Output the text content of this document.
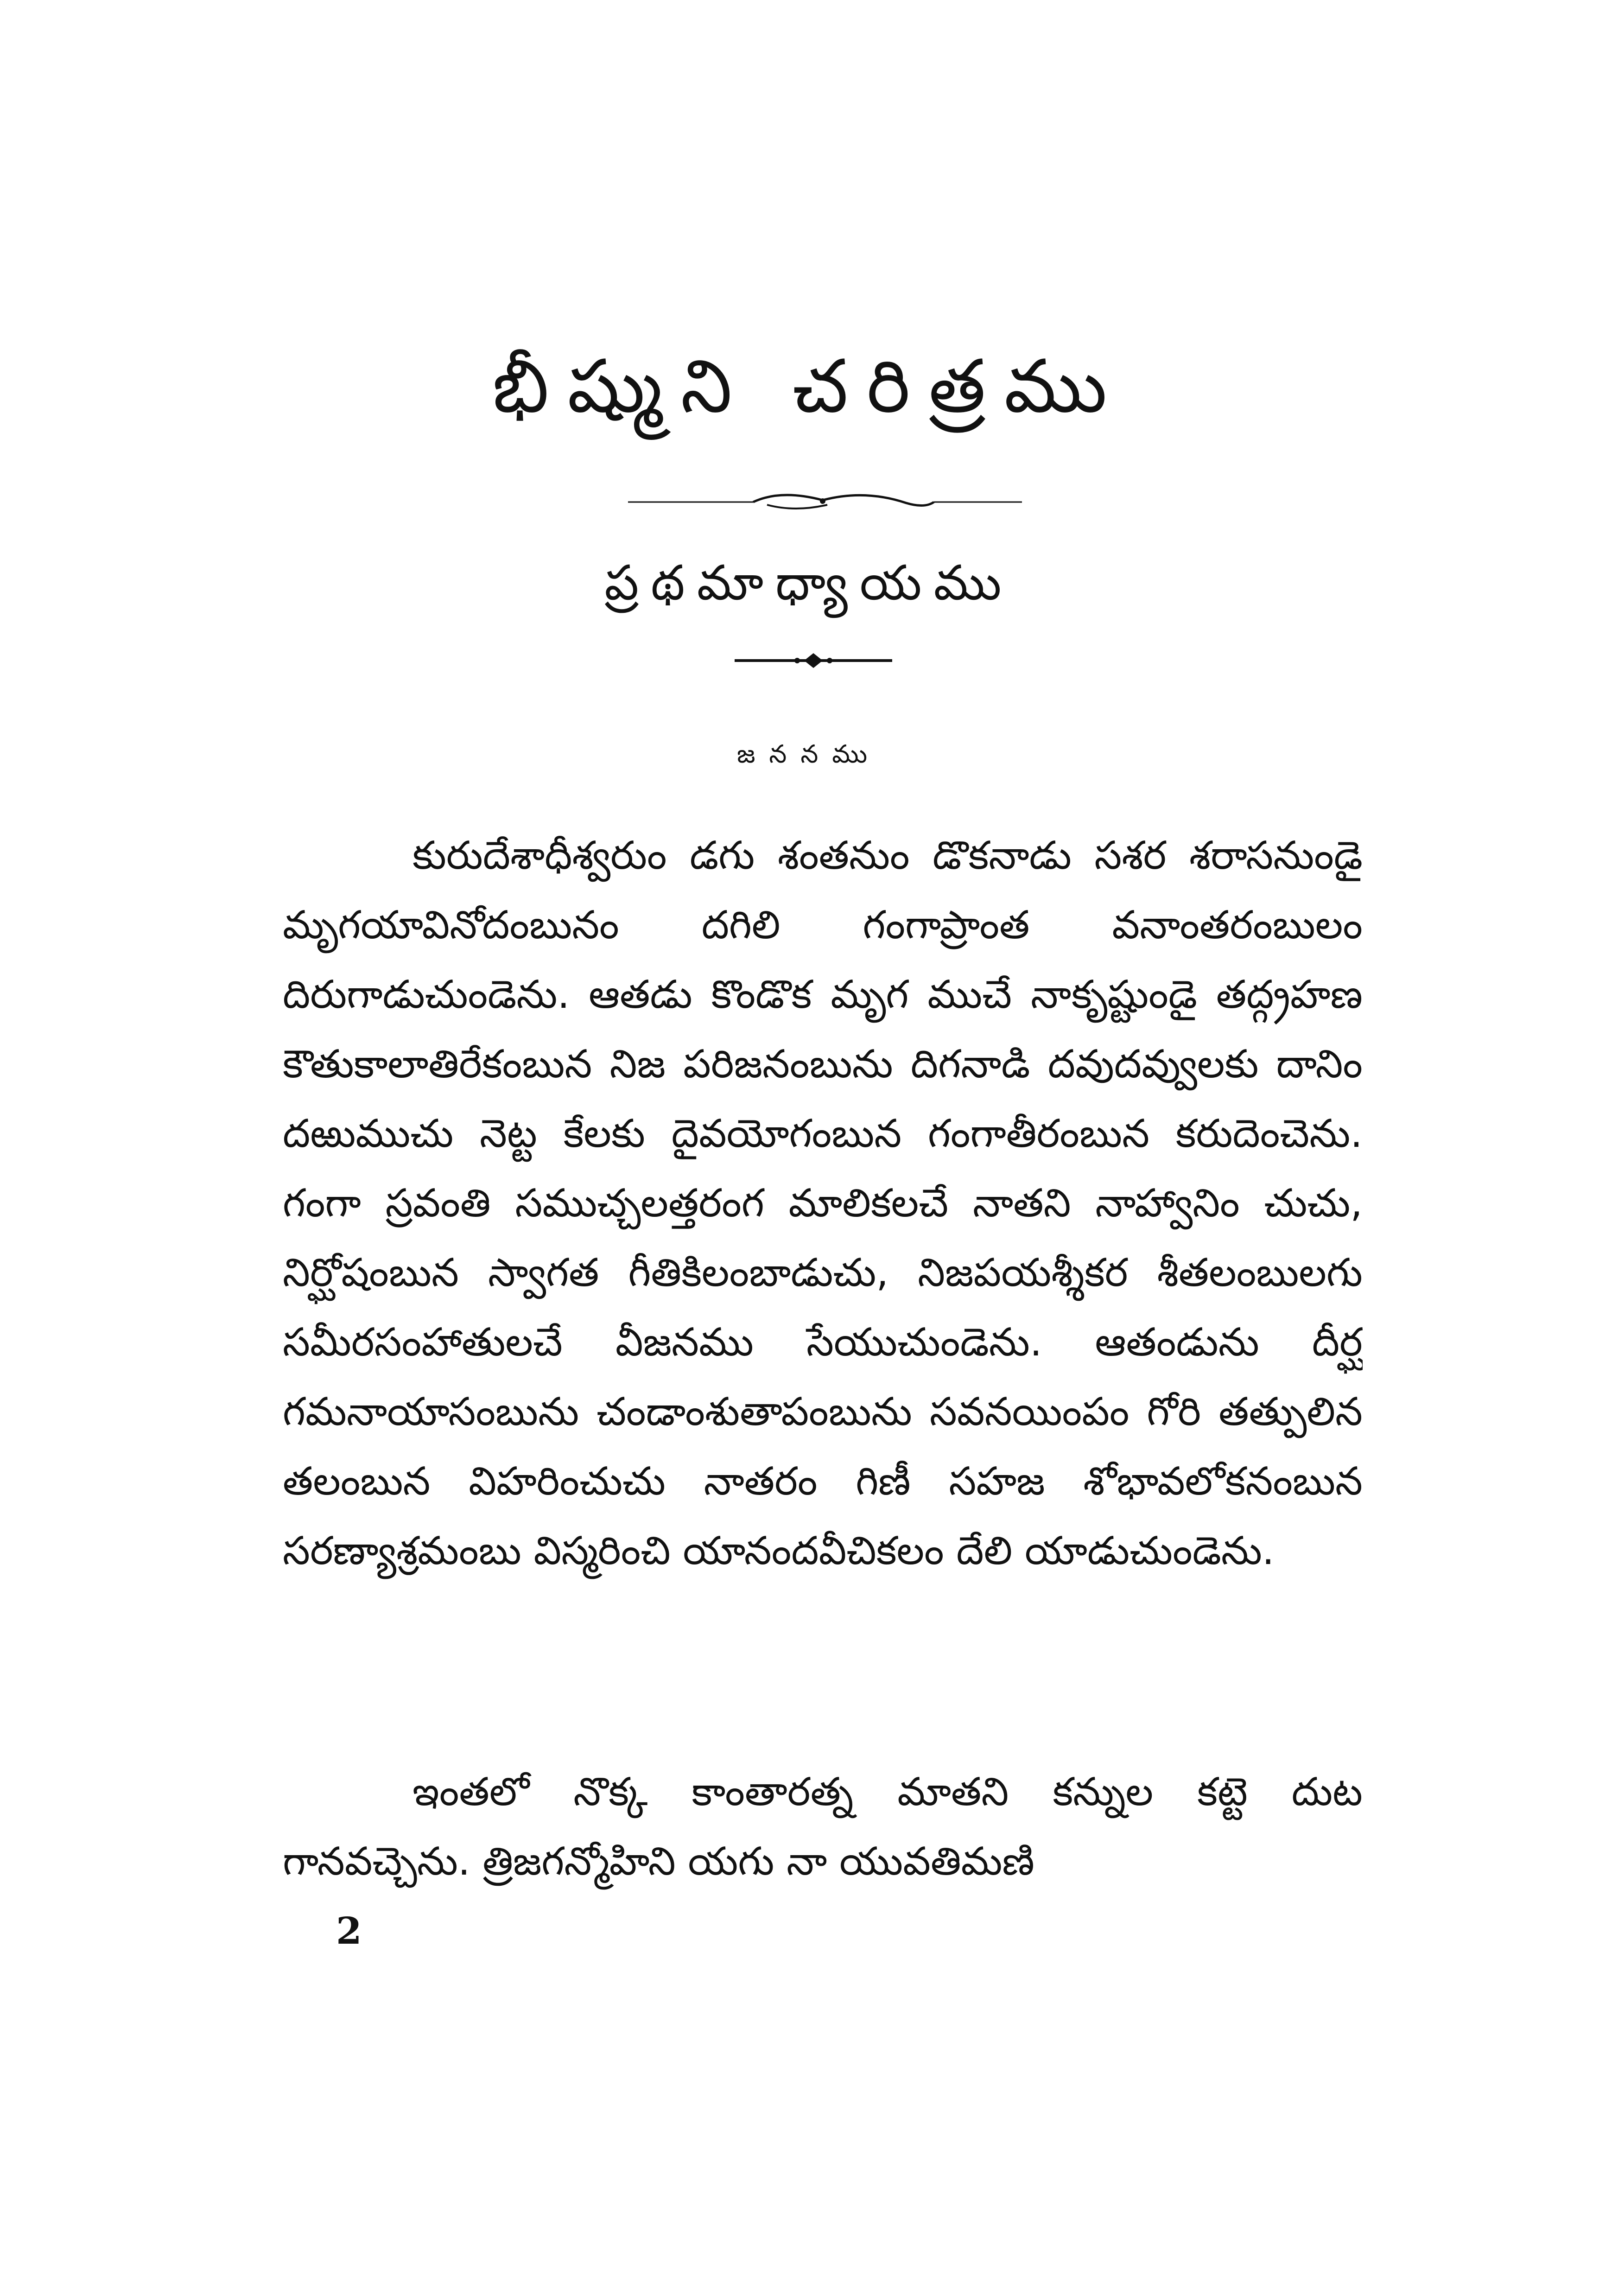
భీష్ముని చరిత్రము
ప్రథమాధ్యాయము
జననము

కురుదేశాధీశ్వరుం డగు శంతనుం డొకనాడు సశర శరాసనుండై మృగయావినోదంబునం దగిలి గంగాప్రాంత వనాంతరంబులం దిరుగాడుచుండెను. ఆతడు కొండొక మృగ ముచే నాకృష్టుండై తద్గ్రహణ కౌతుకాలాతిరేకంబున నిజ పరిజనంబును దిగనాడి దవుదవ్వులకు దానిం దఱుముచు నెట్ట కేలకు దైవయోగంబున గంగాతీరంబున కరుదెంచెను. గంగా స్రవంతి సముచ్చలత్తరంగ మాలికలచే నాతని నాహ్వానిం చుచు, నిర్ఘోషంబున స్వాగత గీతికిలంబాడుచు, నిజపయశ్శీకర శీతలంబులగు సమీరసంహాతులచే వీజనము సేయుచుండెను. ఆతండును దీర్ఘ గమనాయాసంబును చండాంశుతాపంబును సవనయింపం గోరి తత్పులిన తలంబున విహరించుచు నాతరం గిణీ సహజ శోభావలోకనంబున సరణ్యాశ్రమంబు విస్మరించి యానందవీచికలం దేలి యాడుచుండెను.

ఇంతలో నొక్క కాంతారత్న మాతని కన్నుల కట్టె దుట గానవచ్చెను. త్రిజగన్మోహిని యగు నా యువతిమణి

2
